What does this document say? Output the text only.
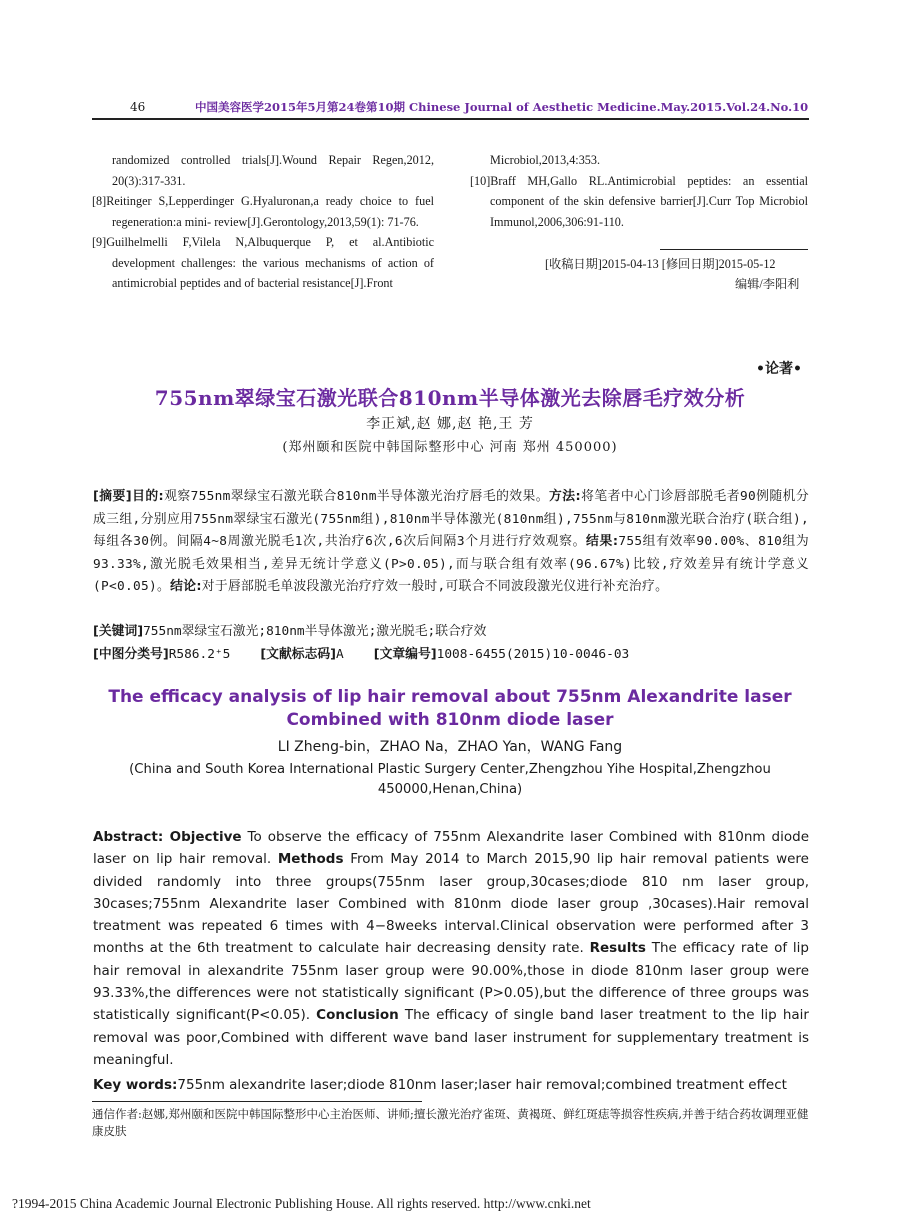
46	中国美容医学2015年5月第24卷第10期 Chinese Journal of Aesthetic Medicine.May.2015.Vol.24.No.10
randomized controlled trials[J].Wound Repair Regen,2012, 20(3):317-331.
[8]Reitinger S,Lepperdinger G.Hyaluronan,a ready choice to fuel regeneration:a mini- review[J].Gerontology,2013,59(1): 71-76.
[9]Guilhelmelli F,Vilela N,Albuquerque P, et al.Antibiotic development challenges: the various mechanisms of action of antimicrobial peptides and of bacterial resistance[J].Front
Microbiol,2013,4:353.
[10]Braff MH,Gallo RL.Antimicrobial peptides: an essential component of the skin defensive barrier[J].Curr Top Microbiol Immunol,2006,306:91-110.
[收稿日期]2015-04-13 [修回日期]2015-05-12
编辑/李阳利
•论著•
755nm翠绿宝石激光联合810nm半导体激光去除唇毛疗效分析
李正斌,赵 娜,赵 艳,王 芳
(郑州颐和医院中韩国际整形中心 河南 郑州 450000)
[摘要]目的:观察755nm翠绿宝石激光联合810nm半导体激光治疗唇毛的效果。方法:将笔者中心门诊唇部脱毛者90例随机分成三组,分别应用755nm翠绿宝石激光(755nm组),810nm半导体激光(810nm组),755nm与810nm激光联合治疗(联合组),每组各30例。间隔4~8周激光脱毛1次,共治疗6次,6次后间隔3个月进行疗效观察。结果:755组有效率90.00%、810组为93.33%,激光脱毛效果相当,差异无统计学意义(P>0.05),而与联合组有效率(96.67%)比较,疗效差异有统计学意义(P<0.05)。结论:对于唇部脱毛单波段激光治疗疗效一般时,可联合不同波段激光仪进行补充治疗。
[关键词]755nm翠绿宝石激光;810nm半导体激光;激光脱毛;联合疗效
[中图分类号]R586.2⁺5 [文献标志码]A [文章编号]1008-6455(2015)10-0046-03
The efficacy analysis of lip hair removal about 755nm Alexandrite laser Combined with 810nm diode laser
LI Zheng-bin，ZHAO Na，ZHAO Yan，WANG Fang
(China and South Korea International Plastic Surgery Center,Zhengzhou Yihe Hospital,Zhengzhou 450000,Henan,China)
Abstract: Objective To observe the efficacy of 755nm Alexandrite laser Combined with 810nm diode laser on lip hair removal. Methods From May 2014 to March 2015,90 lip hair removal patients were divided randomly into three groups(755nm laser group,30cases;diode 810 nm laser group, 30cases;755nm Alexandrite laser Combined with 810nm diode laser group ,30cases).Hair removal treatment was repeated 6 times with 4−8weeks interval.Clinical observation were performed after 3 months at the 6th treatment to calculate hair decreasing density rate. Results The efficacy rate of lip hair removal in alexandrite 755nm laser group were 90.00%,those in diode 810nm laser group were 93.33%,the differences were not statistically significant (P>0.05),but the difference of three groups was statistically significant(P<0.05). Conclusion The efficacy of single band laser treatment to the lip hair removal was poor,Combined with different wave band laser instrument for supplementary treatment is meaningful.
Key words:755nm alexandrite laser;diode 810nm laser;laser hair removal;combined treatment effect
通信作者:赵娜,郑州颐和医院中韩国际整形中心主治医师、讲师;擅长激光治疗雀斑、黄褐斑、鲜红斑痣等损容性疾病,并善于结合药妆调理亚健康皮肤
?1994-2015 China Academic Journal Electronic Publishing House. All rights reserved. http://www.cnki.net
